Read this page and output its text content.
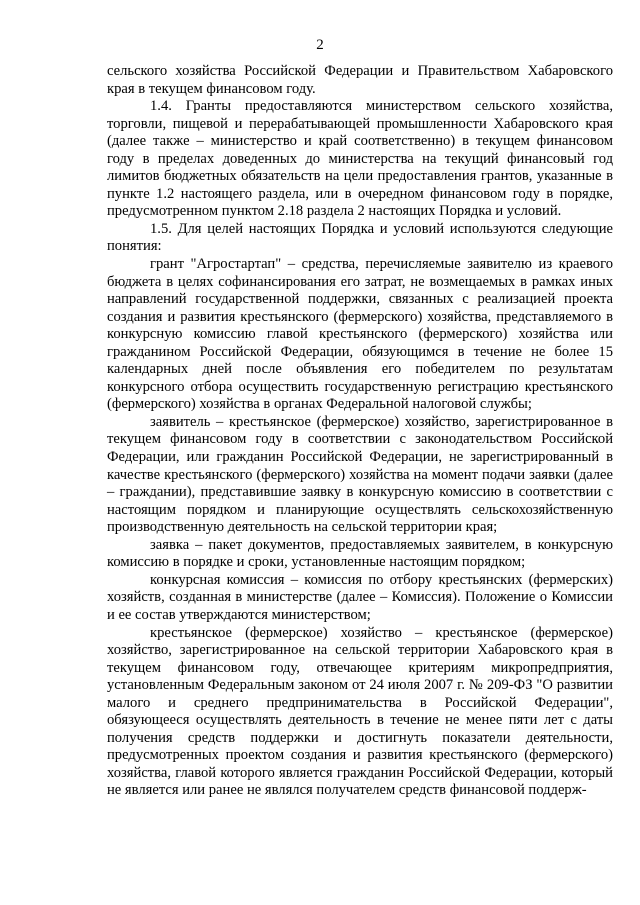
2

сельского хозяйства Российской Федерации и Правительством Хабаровского края в текущем финансовом году.

1.4. Гранты предоставляются министерством сельского хозяйства, торговли, пищевой и перерабатывающей промышленности Хабаровского края (далее также – министерство и край соответственно) в текущем финансовом году в пределах доведенных до министерства на текущий финансовый год лимитов бюджетных обязательств на цели предоставления грантов, указанные в пункте 1.2 настоящего раздела, или в очередном финансовом году в порядке, предусмотренном пунктом 2.18 раздела 2 настоящих Порядка и условий.

1.5. Для целей настоящих Порядка и условий используются следующие понятия:

грант "Агростартап" – средства, перечисляемые заявителю из краевого бюджета в целях софинансирования его затрат, не возмещаемых в рамках иных направлений государственной поддержки, связанных с реализацией проекта создания и развития крестьянского (фермерского) хозяйства, представляемого в конкурсную комиссию главой крестьянского (фермерского) хозяйства или гражданином Российской Федерации, обязующимся в течение не более 15 календарных дней после объявления его победителем по результатам конкурсного отбора осуществить государственную регистрацию крестьянского (фермерского) хозяйства в органах Федеральной налоговой службы;

заявитель – крестьянское (фермерское) хозяйство, зарегистрированное в текущем финансовом году в соответствии с законодательством Российской Федерации, или гражданин Российской Федерации, не зарегистрированный в качестве крестьянского (фермерского) хозяйства на момент подачи заявки (далее – граждании), представившие заявку в конкурсную комиссию в соответствии с настоящим порядком и планирующие осуществлять сельскохозяйственную производственную деятельность на сельской территории края;

заявка – пакет документов, предоставляемых заявителем, в конкурсную комиссию в порядке и сроки, установленные настоящим порядком;

конкурсная комиссия – комиссия по отбору крестьянских (фермерских) хозяйств, созданная в министерстве (далее – Комиссия). Положение о Комиссии и ее состав утверждаются министерством;

крестьянское (фермерское) хозяйство – крестьянское (фермерское) хозяйство, зарегистрированное на сельской территории Хабаровского края в текущем финансовом году, отвечающее критериям микропредприятия, установленным Федеральным законом от 24 июля 2007 г. № 209-ФЗ "О развитии малого и среднего предпринимательства в Российской Федерации", обязующееся осуществлять деятельность в течение не менее пяти лет с даты получения средств поддержки и достигнуть показатели деятельности, предусмотренных проектом создания и развития крестьянского (фермерского) хозяйства, главой которого является гражданин Российской Федерации, который не является или ранее не являлся получателем средств финансовой поддерж-
